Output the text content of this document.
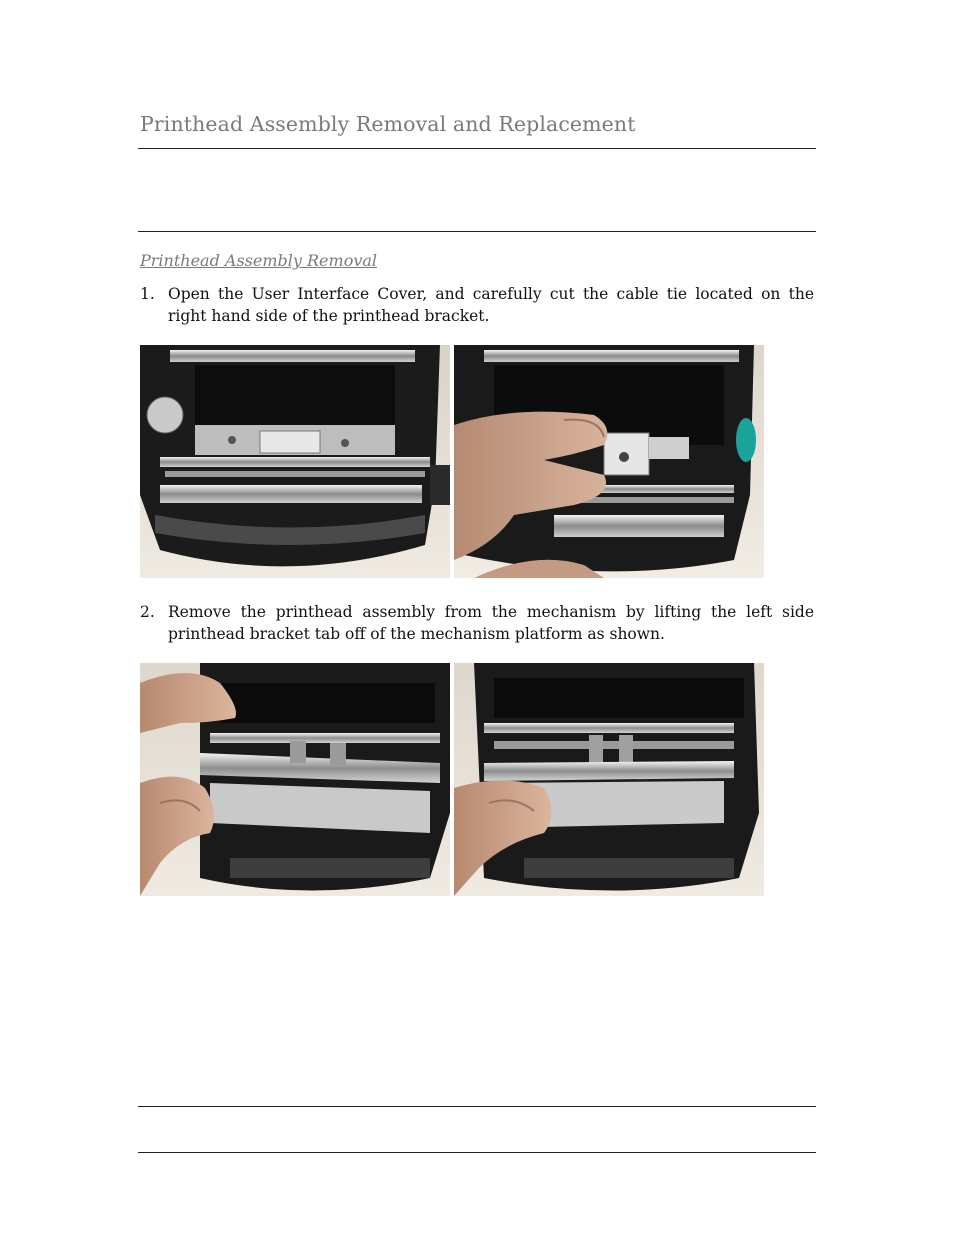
Printhead Assembly Removal and Replacement
Printhead Assembly Removal
1. Open the User Interface Cover, and carefully cut the cable tie located on the right hand side of the printhead bracket.
2. Remove the printhead assembly from the mechanism by lifting the left side printhead bracket tab off of the mechanism platform as shown.
